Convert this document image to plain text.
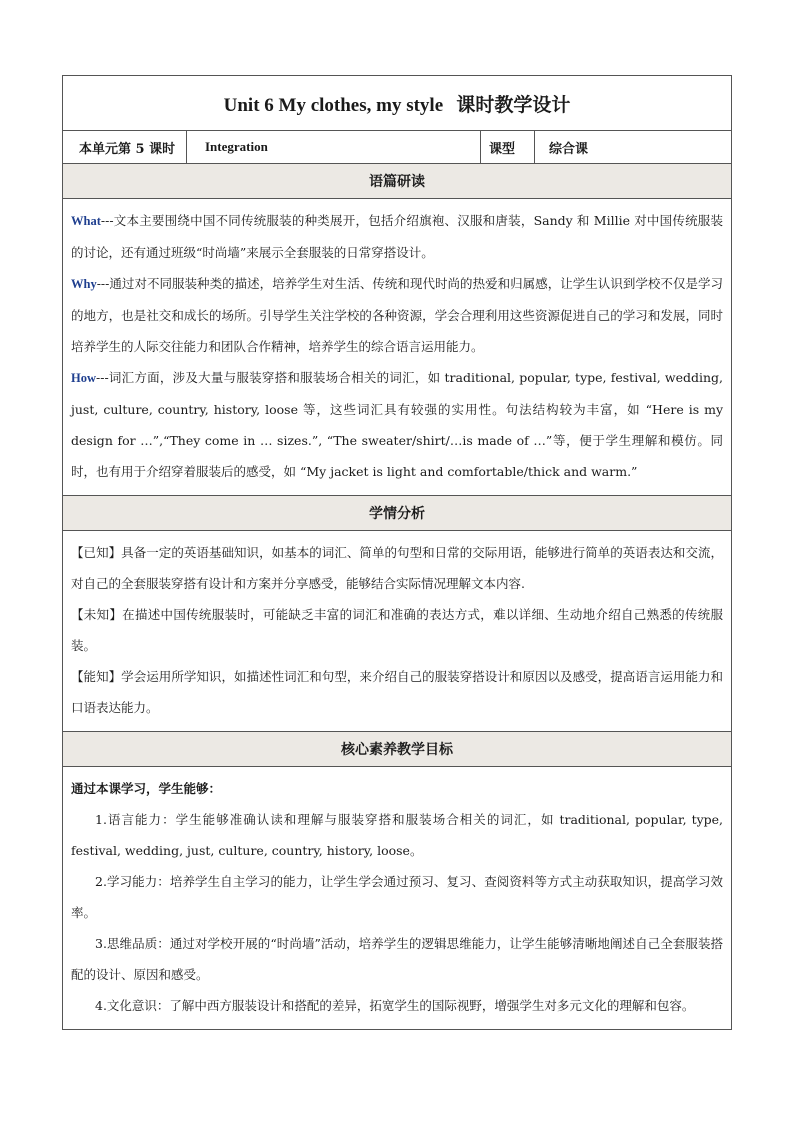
Unit 6 My clothes, my style 课时教学设计
本单元第 5 课时	Integration	课型	综合课
语篇研读

What---文本主要围绕中国不同传统服装的种类展开，包括介绍旗袍、汉服和唐装，Sandy 和 Millie 对中国传统服装的讨论，还有通过班级“时尚墙”来展示全套服装的日常穿搭设计。

Why---通过对不同服装种类的描述，培养学生对生活、传统和现代时尚的热爱和归属感，让学生认识到学校不仅是学习的地方，也是社交和成长的场所。引导学生关注学校的各种资源，学会合理利用这些资源促进自己的学习和发展，同时培养学生的人际交往能力和团队合作精神，培养学生的综合语言运用能力。

How---词汇方面，涉及大量与服装穿搭和服装场合相关的词汇，如 traditional, popular, type, festival, wedding, just, culture, country, history, loose 等，这些词汇具有较强的实用性。句法结构较为丰富，如 “Here is my design for …”,“They come in … sizes.”, “The sweater/shirt/…is made of …”等，便于学生理解和模仿。同时，也有用于介绍穿着服装后的感受，如 “My jacket is light and comfortable/thick and warm.”

学情分析

【已知】具备一定的英语基础知识，如基本的词汇、简单的句型和日常的交际用语，能够进行简单的英语表达和交流，对自己的全套服装穿搭有设计和方案并分享感受，能够结合实际情况理解文本内容.

【未知】在描述中国传统服装时，可能缺乏丰富的词汇和准确的表达方式，难以详细、生动地介绍自己熟悉的传统服装。

【能知】学会运用所学知识，如描述性词汇和句型，来介绍自己的服装穿搭设计和原因以及感受，提高语言运用能力和口语表达能力。

核心素养教学目标

通过本课学习，学生能够：

1.语言能力：学生能够准确认读和理解与服装穿搭和服装场合相关的词汇，如 traditional, popular, type, festival, wedding, just, culture, country, history, loose。

2.学习能力：培养学生自主学习的能力，让学生学会通过预习、复习、查阅资料等方式主动获取知识，提高学习效率。

3.思维品质：通过对学校开展的“时尚墙”活动，培养学生的逻辑思维能力，让学生能够清晰地阐述自己全套服装搭配的设计、原因和感受。

4.文化意识：了解中西方服装设计和搭配的差异，拓宽学生的国际视野，增强学生对多元文化的理解和包容。
